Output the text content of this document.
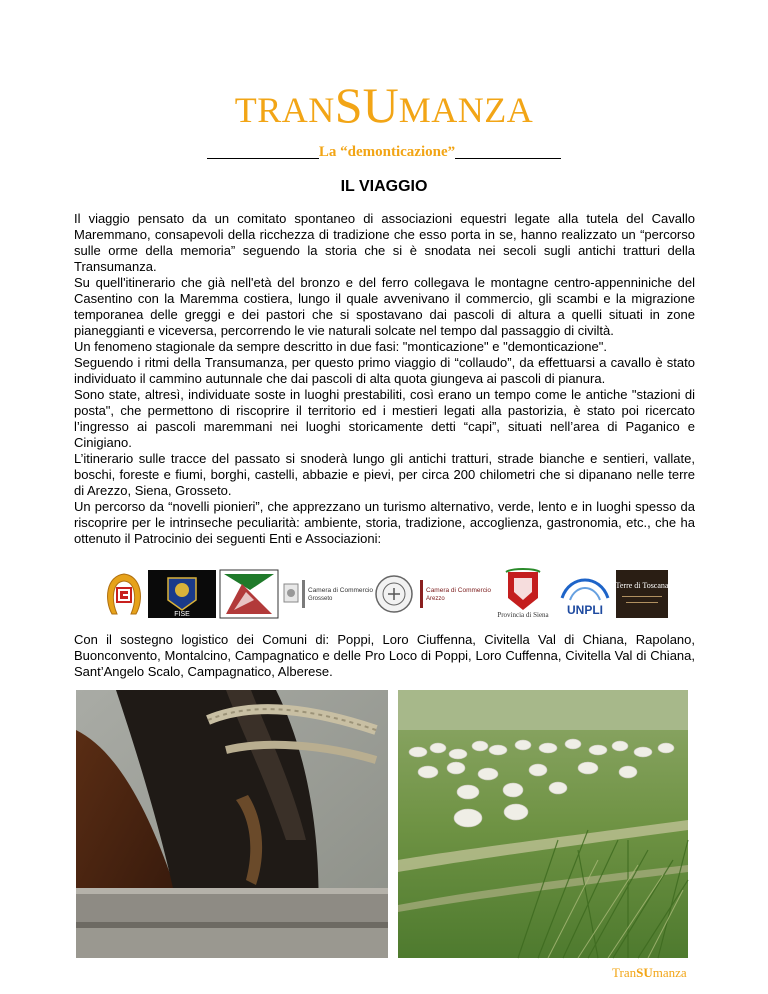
TRANSUMANZA
La “demonticazione”
IL VIAGGIO

Il viaggio pensato da un comitato spontaneo di associazioni equestri legate alla tutela del Cavallo Maremmano, consapevoli della ricchezza di tradizione che esso porta in se, hanno realizzato un “percorso sulle orme della memoria” seguendo la storia che si è snodata nei secoli sugli antichi tratturi della Transumanza.

Su quell'itinerario che già nell'età del bronzo e del ferro collegava le montagne centro-appenniniche del Casentino con la Maremma costiera, lungo il quale avvenivano il commercio, gli scambi e la migrazione temporanea delle greggi e dei pastori che si spostavano dai pascoli di altura a quelli situati in zone pianeggianti e viceversa, percorrendo le vie naturali solcate nel tempo dal passaggio di civiltà.

Un fenomeno stagionale da sempre descritto in due fasi: "monticazione" e "demonticazione".

Seguendo i ritmi della Transumanza, per questo primo viaggio di “collaudo”, da effettuarsi a cavallo è stato individuato il cammino autunnale che dai pascoli di alta quota giungeva ai pascoli di pianura.

Sono state, altresì, individuate soste in luoghi prestabiliti, così erano un tempo come le antiche "stazioni di posta", che permettono di riscoprire il territorio ed i mestieri legati alla pastorizia, è stato poi ricercato l’ingresso ai pascoli maremmani nei luoghi storicamente detti “capi”, situati nell’area di Paganico e Cinigiano.

L’itinerario sulle tracce del passato si snoderà lungo gli antichi tratturi, strade bianche e sentieri, vallate, boschi, foreste e fiumi, borghi, castelli, abbazie e pievi, per circa 200 chilometri che si dipanano nelle terre di Arezzo, Siena, Grosseto.

Un percorso da “novelli pionieri”, che apprezzano un turismo alternativo, verde, lento e in luoghi spesso da riscoprire per le intrinseche peculiarità: ambiente, storia, tradizione, accoglienza, gastronomia, etc., che ha ottenuto il Patrocinio dei seguenti Enti e Associazioni:

FISE
Camera di Commercio
Grosseto
Camera di Commercio
Arezzo
Provincia di Siena UNPLI
Terre di Toscana
Con il sostegno logistico dei Comuni di: Poppi, Loro Ciuffenna, Civitella Val di Chiana, Rapolano, Buonconvento, Montalcino, Campagnatico e delle Pro Loco di Poppi, Loro Cuffenna, Civitella Val di Chiana, Sant’Angelo Scalo, Campagnatico, Alberese.
TranSUmanza
